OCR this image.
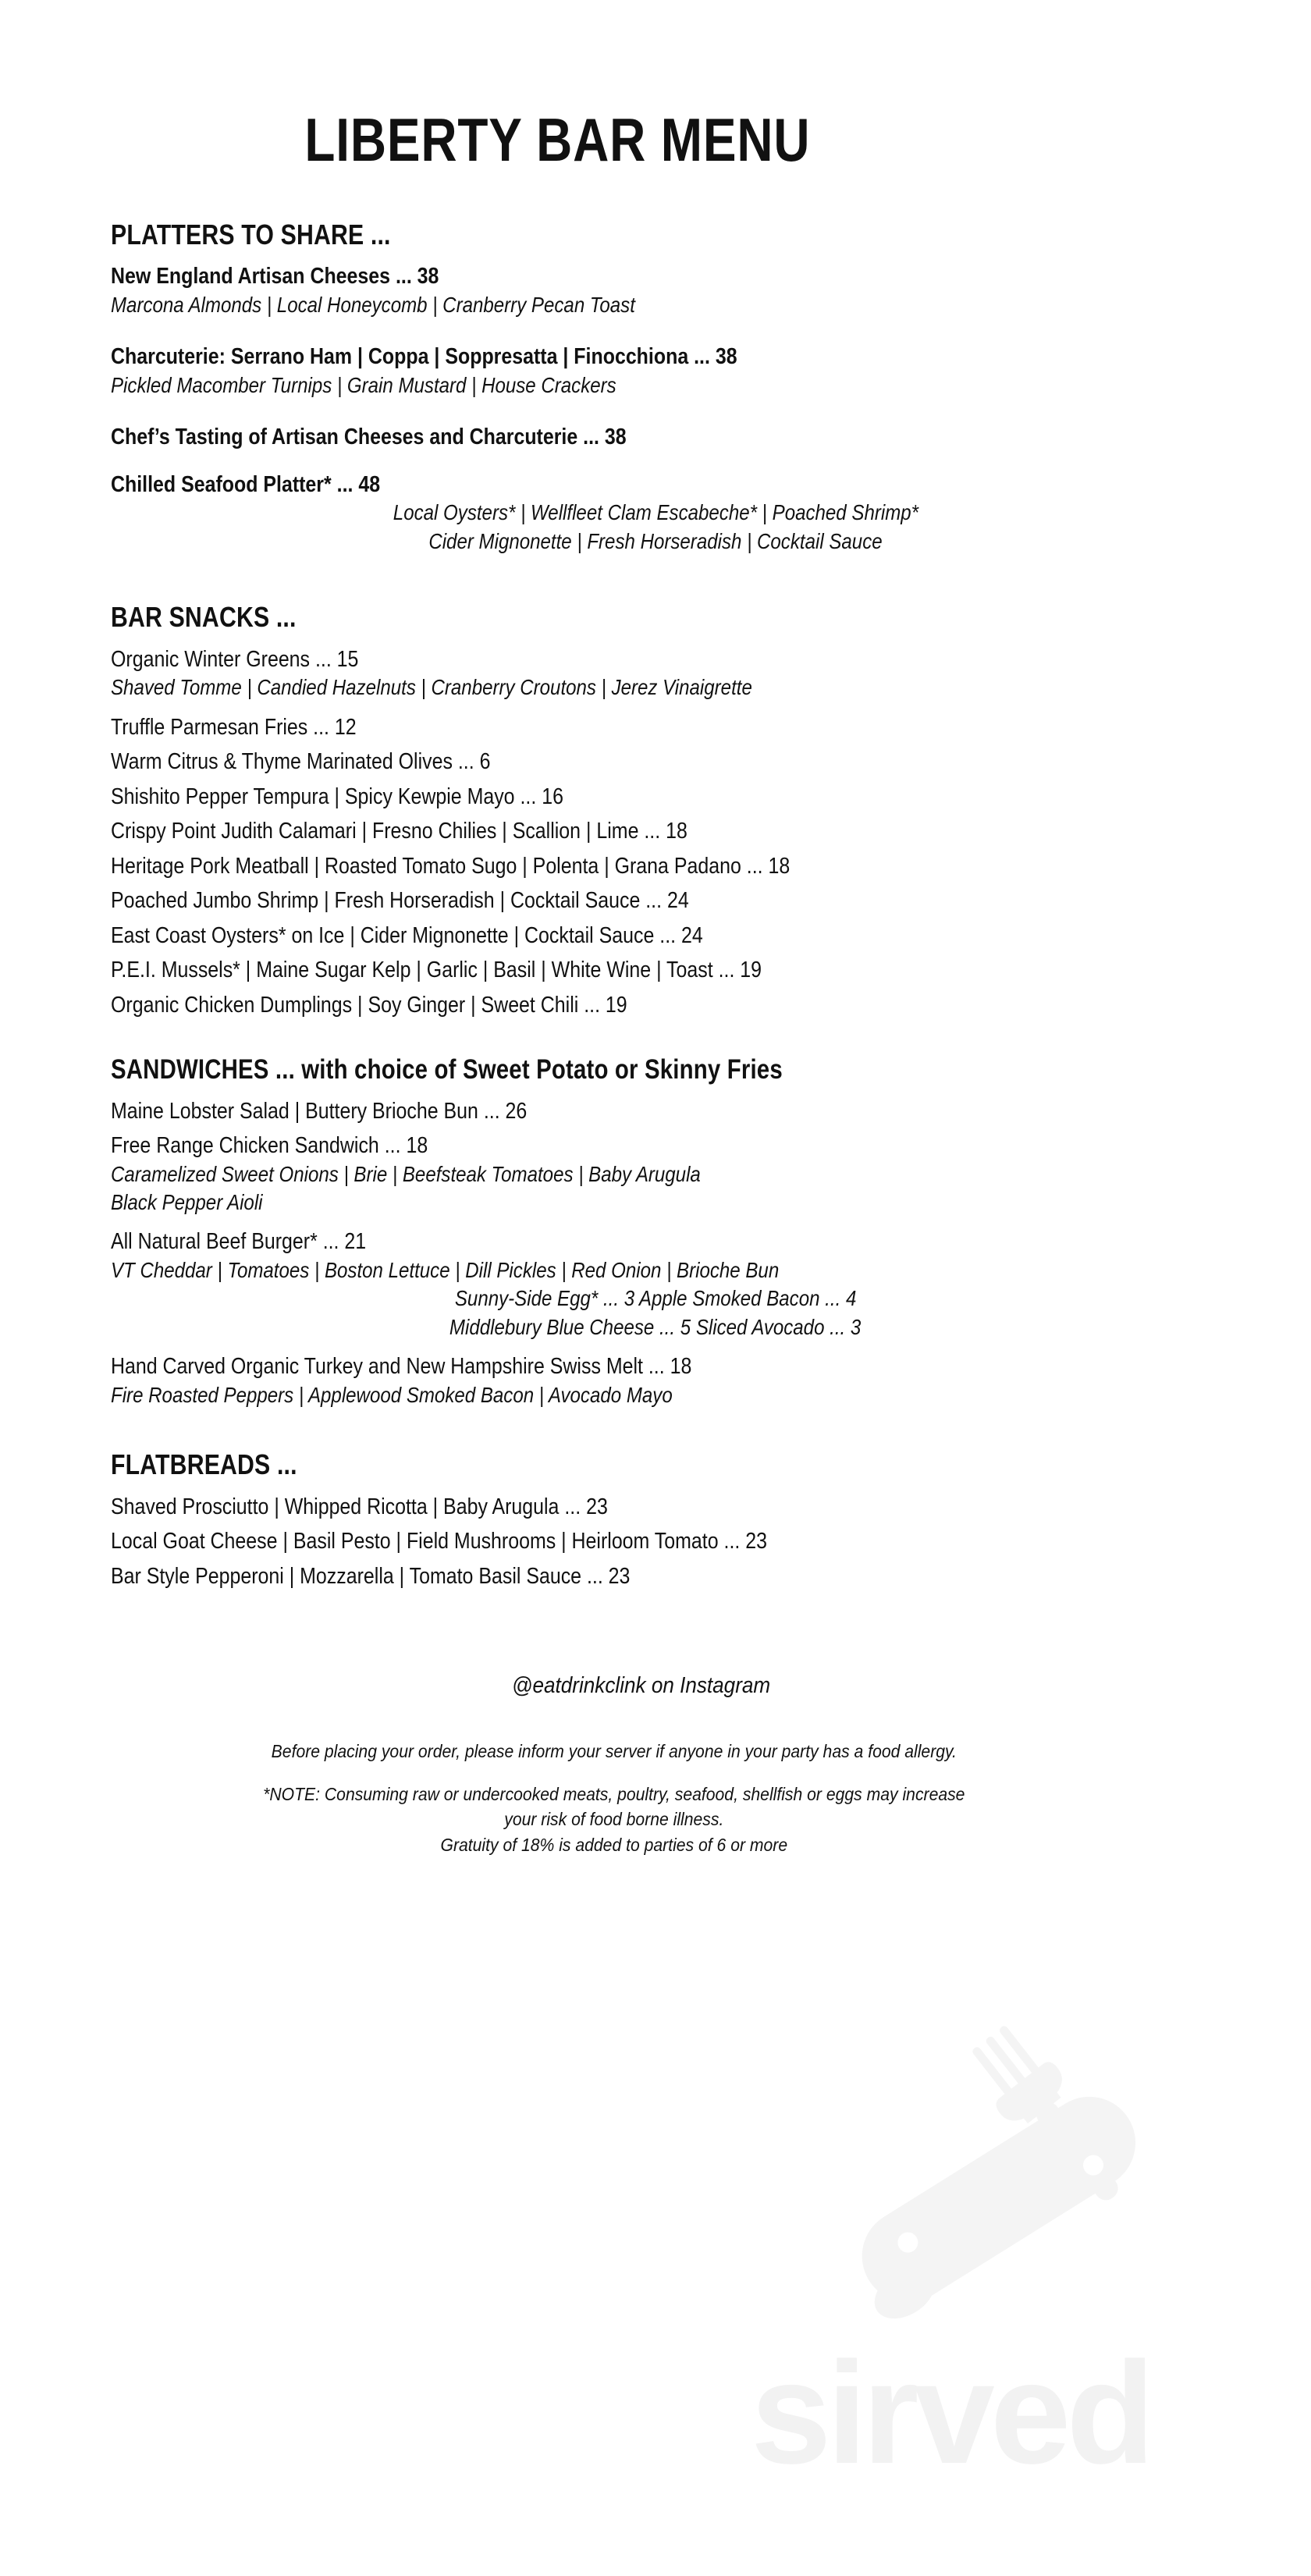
sirved
LIBERTY BAR MENU
PLATTERS TO SHARE ...
New England Artisan Cheeses ... 38
Marcona Almonds | Local Honeycomb | Cranberry Pecan Toast
Charcuterie: Serrano Ham | Coppa | Soppresatta | Finocchiona ... 38
Pickled Macomber Turnips | Grain Mustard | House Crackers
Chef’s Tasting of Artisan Cheeses and Charcuterie ... 38
Chilled Seafood Platter* ... 48
Local Oysters* | Wellfleet Clam Escabeche* | Poached Shrimp*
Cider Mignonette | Fresh Horseradish | Cocktail Sauce
BAR SNACKS ...
Organic Winter Greens ... 15
Shaved Tomme | Candied Hazelnuts | Cranberry Croutons | Jerez Vinaigrette
Truffle Parmesan Fries ... 12
Warm Citrus & Thyme Marinated Olives ... 6
Shishito Pepper Tempura | Spicy Kewpie Mayo ... 16
Crispy Point Judith Calamari | Fresno Chilies | Scallion | Lime ... 18
Heritage Pork Meatball | Roasted Tomato Sugo | Polenta | Grana Padano ... 18
Poached Jumbo Shrimp | Fresh Horseradish | Cocktail Sauce ... 24
East Coast Oysters* on Ice | Cider Mignonette | Cocktail Sauce ... 24
P.E.I. Mussels* | Maine Sugar Kelp | Garlic | Basil | White Wine | Toast ... 19
Organic Chicken Dumplings | Soy Ginger | Sweet Chili ... 19
SANDWICHES ... with choice of Sweet Potato or Skinny Fries
Maine Lobster Salad | Buttery Brioche Bun ... 26
Free Range Chicken Sandwich ... 18
Caramelized Sweet Onions | Brie | Beefsteak Tomatoes | Baby Arugula
Black Pepper Aioli
All Natural Beef Burger* ... 21
VT Cheddar | Tomatoes | Boston Lettuce | Dill Pickles | Red Onion | Brioche Bun
Sunny-Side Egg* ... 3 Apple Smoked Bacon ... 4
Middlebury Blue Cheese ... 5 Sliced Avocado ... 3
Hand Carved Organic Turkey and New Hampshire Swiss Melt ... 18
Fire Roasted Peppers | Applewood Smoked Bacon | Avocado Mayo
FLATBREADS ...
Shaved Prosciutto | Whipped Ricotta | Baby Arugula ... 23
Local Goat Cheese | Basil Pesto | Field Mushrooms | Heirloom Tomato ... 23
Bar Style Pepperoni | Mozzarella | Tomato Basil Sauce ... 23
@eatdrinkclink on Instagram
Before placing your order, please inform your server if anyone in your party has a food allergy.
*NOTE: Consuming raw or undercooked meats, poultry, seafood, shellfish or eggs may increase
your risk of food borne illness.
Gratuity of 18% is added to parties of 6 or more
